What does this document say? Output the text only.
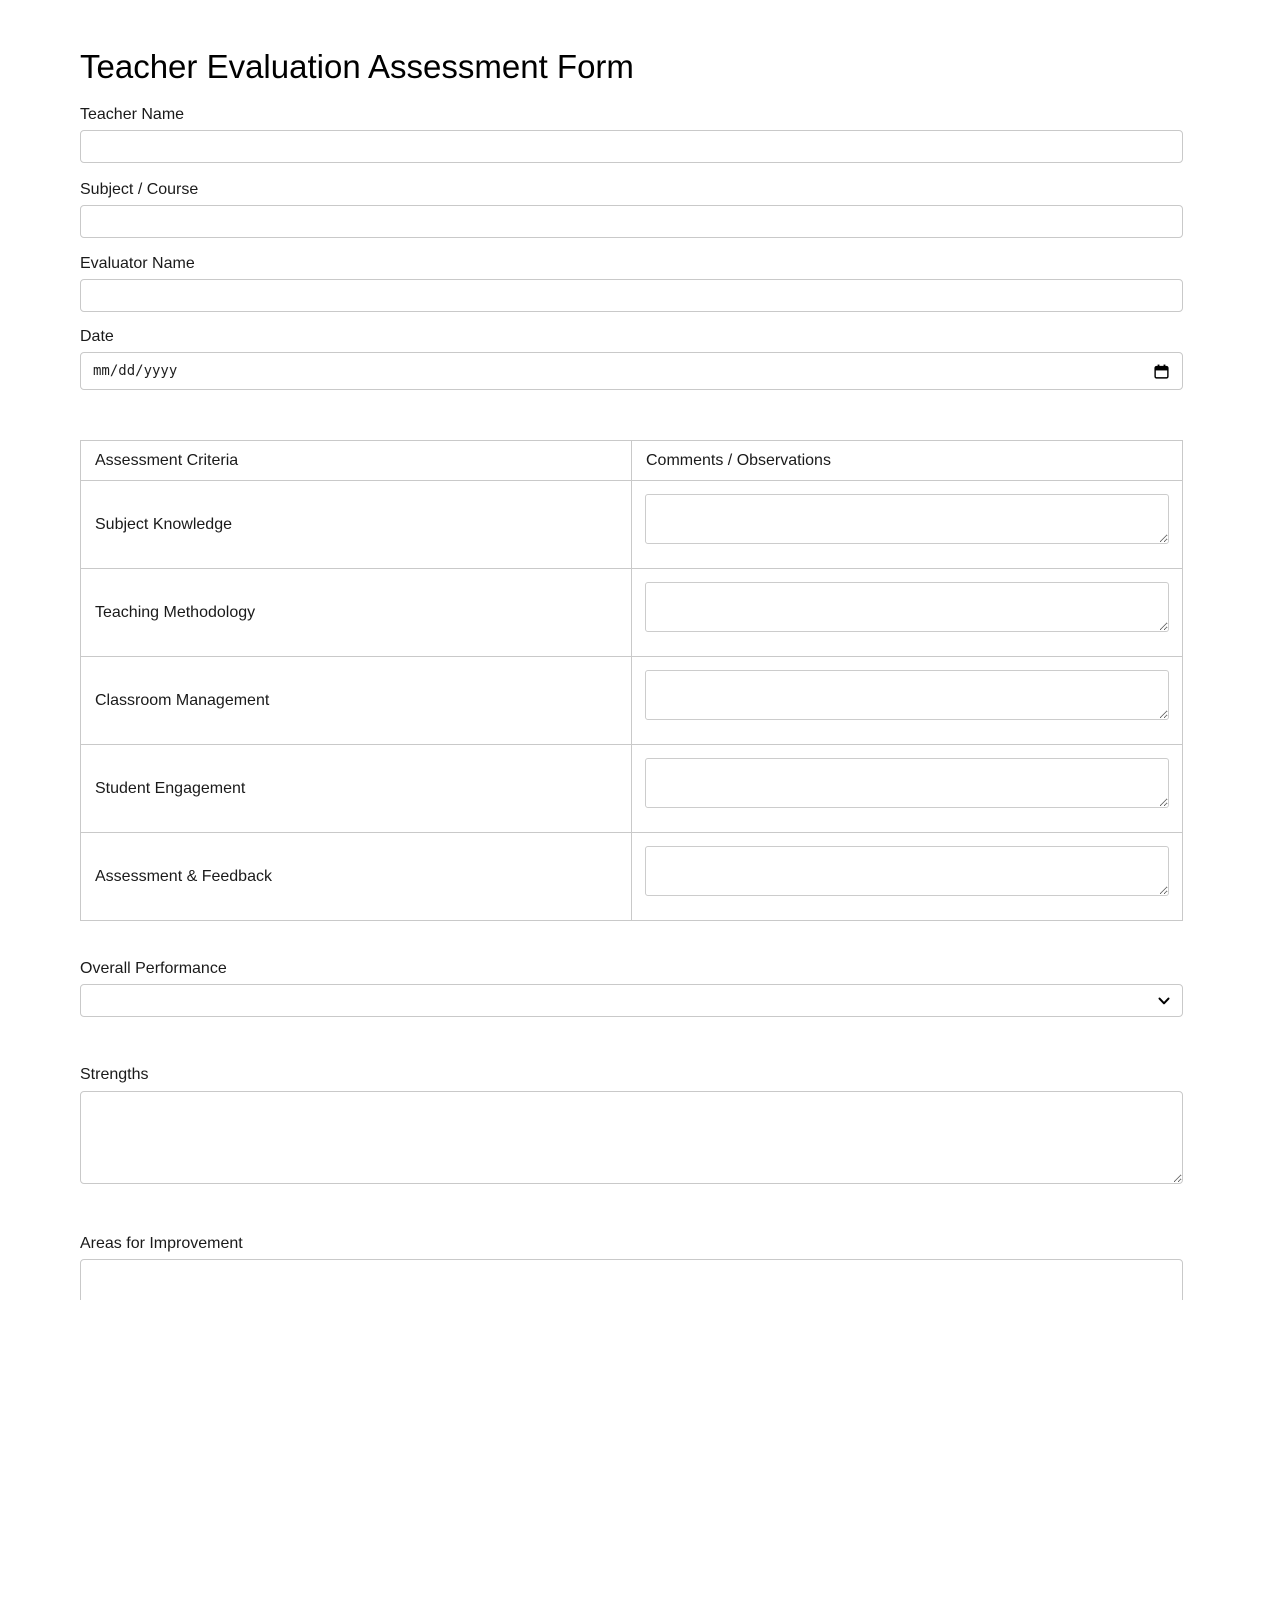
Teacher Evaluation Assessment Form
Teacher Name
Subject / Course
Evaluator Name
Date
mm/dd/yyyy
Assessment Criteria	Comments / Observations
Subject Knowledge	

Teaching Methodology	

Classroom Management	

Student Engagement	

Assessment & Feedback	
Overall Performance
Strengths
Areas for Improvement
